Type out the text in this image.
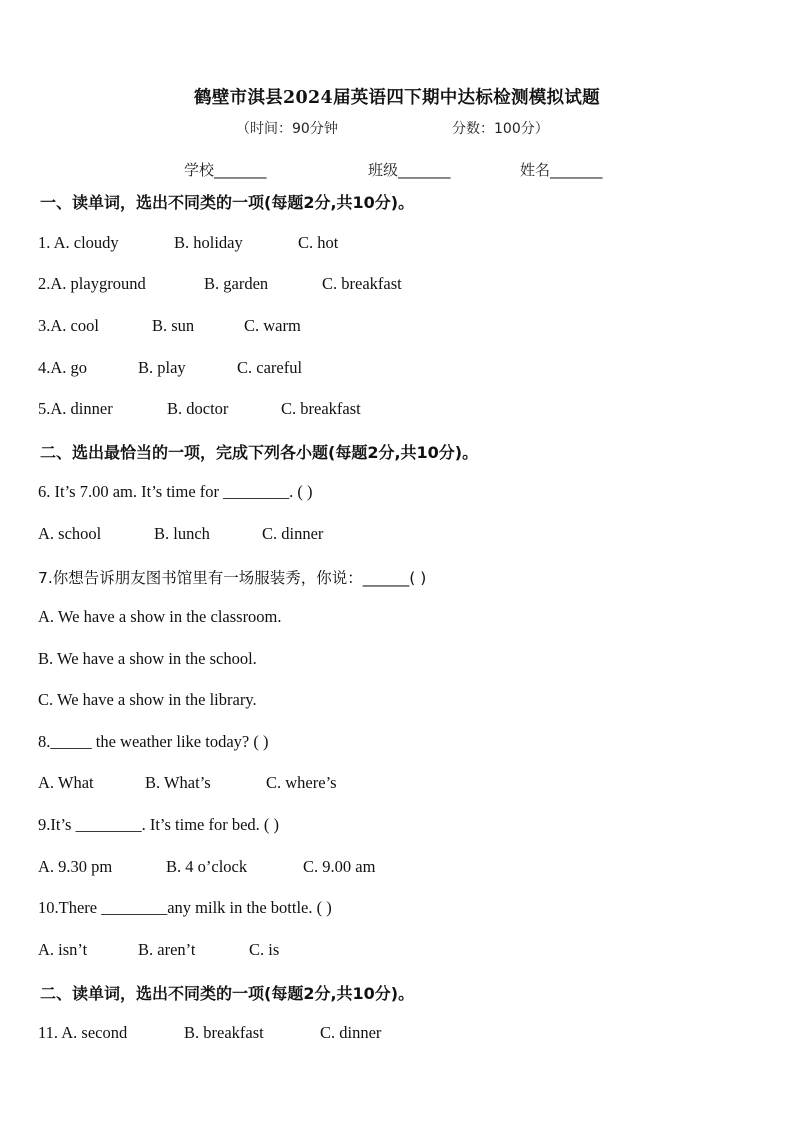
鹤壁市淇县2024届英语四下期中达标检测模拟试题
（时间：90分钟	分数：100分）
学校_______	班级_______	姓名_______
一、读单词，选出不同类的一项(每题2分,共10分)。
1. A. cloudy	B. holiday	C. hot
2.A. playground	B. garden	C. breakfast
3.A. cool	B. sun	C. warm
4.A. go	B. play	C. careful
5.A. dinner	B. doctor	C. breakfast
二、选出最恰当的一项，完成下列各小题(每题2分,共10分)。
6. It’s 7.00 am. It’s time for ________. ( )
A. school	B. lunch	C. dinner
7.你想告诉朋友图书馆里有一场服装秀，你说：______( )
A. We have a show in the classroom.
B. We have a show in the school.
C. We have a show in the library.
8._____ the weather like today? ( )
A. What	B. What’s	C. where’s
9.It’s ________. It’s time for bed. ( )
A. 9.30 pm	B. 4 o’clock	C. 9.00 am
10.There ________any milk in the bottle. ( )
A. isn’t	B. aren’t	C. is
二、读单词，选出不同类的一项(每题2分,共10分)。
11. A. second	B. breakfast	C. dinner
